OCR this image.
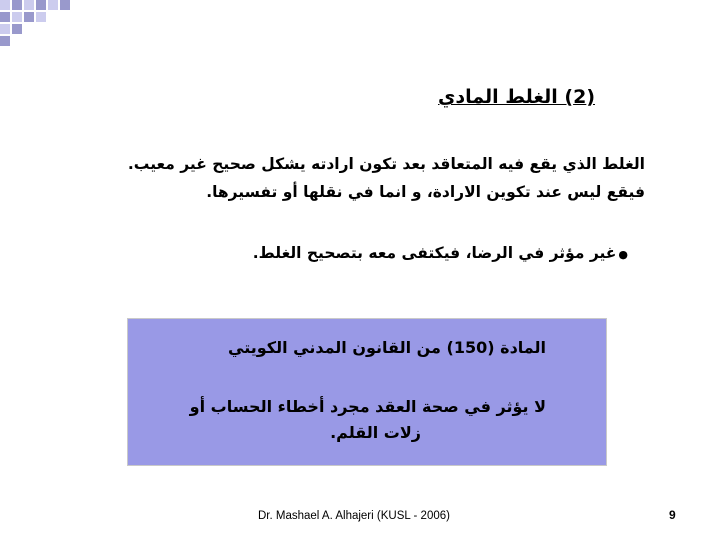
(2) الغلط المادي

الغلط الذي يقع فيه المتعاقد بعد تكون ارادته يشكل صحيح غير معيب.

فيقع ليس عند تكوين الارادة، و انما في نقلها أو تفسيرها.

●غير مؤثر في الرضا، فيكتفى معه بتصحيح الغلط.
المادة (150) من القانون المدني الكويتي
لا يؤثر في صحة العقد مجرد أخطاء الحساب أو
زلات القلم.
Dr. Mashael A. Alhajeri (KUSL - 2006)	9
